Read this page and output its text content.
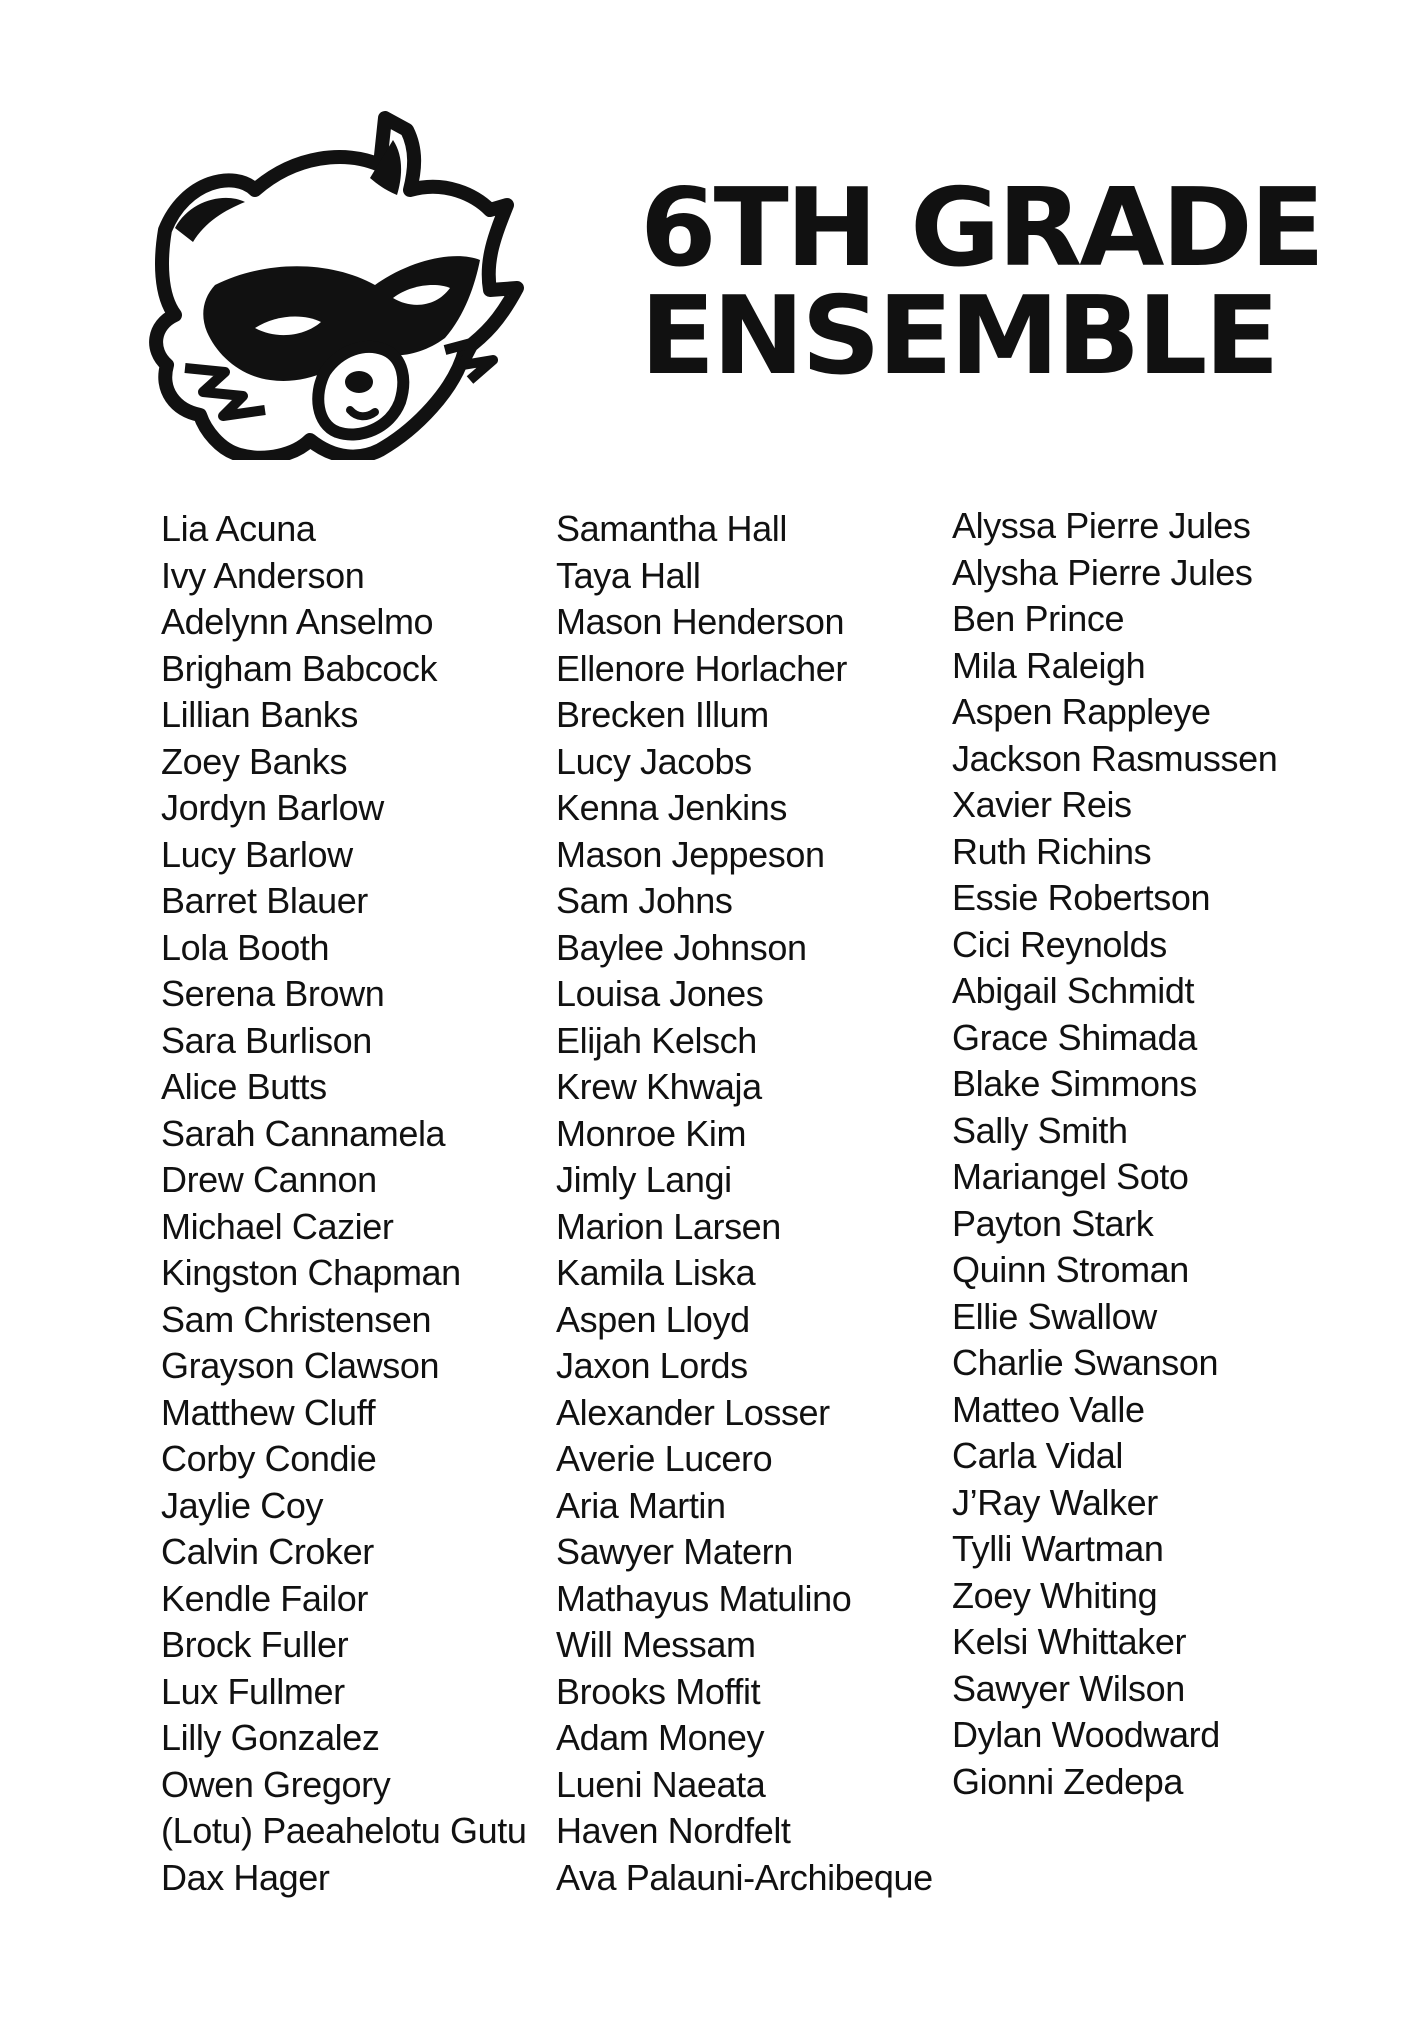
6TH GRADE
ENSEMBLE
Lia Acuna
Ivy Anderson
Adelynn Anselmo
Brigham Babcock
Lillian Banks
Zoey Banks
Jordyn Barlow
Lucy Barlow
Barret Blauer
Lola Booth
Serena Brown
Sara Burlison
Alice Butts
Sarah Cannamela
Drew Cannon
Michael Cazier
Kingston Chapman
Sam Christensen
Grayson Clawson
Matthew Cluff
Corby Condie
Jaylie Coy
Calvin Croker
Kendle Failor
Brock Fuller
Lux Fullmer
Lilly Gonzalez
Owen Gregory
(Lotu) Paeahelotu Gutu
Dax Hager
Samantha Hall
Taya Hall
Mason Henderson
Ellenore Horlacher
Brecken Illum
Lucy Jacobs
Kenna Jenkins
Mason Jeppeson
Sam Johns
Baylee Johnson
Louisa Jones
Elijah Kelsch
Krew Khwaja
Monroe Kim
Jimly Langi
Marion Larsen
Kamila Liska
Aspen Lloyd
Jaxon Lords
Alexander Losser
Averie Lucero
Aria Martin
Sawyer Matern
Mathayus Matulino
Will Messam
Brooks Moffit
Adam Money
Lueni Naeata
Haven Nordfelt
Ava Palauni-Archibeque
Alyssa Pierre Jules
Alysha Pierre Jules
Ben Prince
Mila Raleigh
Aspen Rappleye
Jackson Rasmussen
Xavier Reis
Ruth Richins
Essie Robertson
Cici Reynolds
Abigail Schmidt
Grace Shimada
Blake Simmons
Sally Smith
Mariangel Soto
Payton Stark
Quinn Stroman
Ellie Swallow
Charlie Swanson
Matteo Valle
Carla Vidal
J’Ray Walker
Tylli Wartman
Zoey Whiting
Kelsi Whittaker
Sawyer Wilson
Dylan Woodward
Gionni Zedepa
